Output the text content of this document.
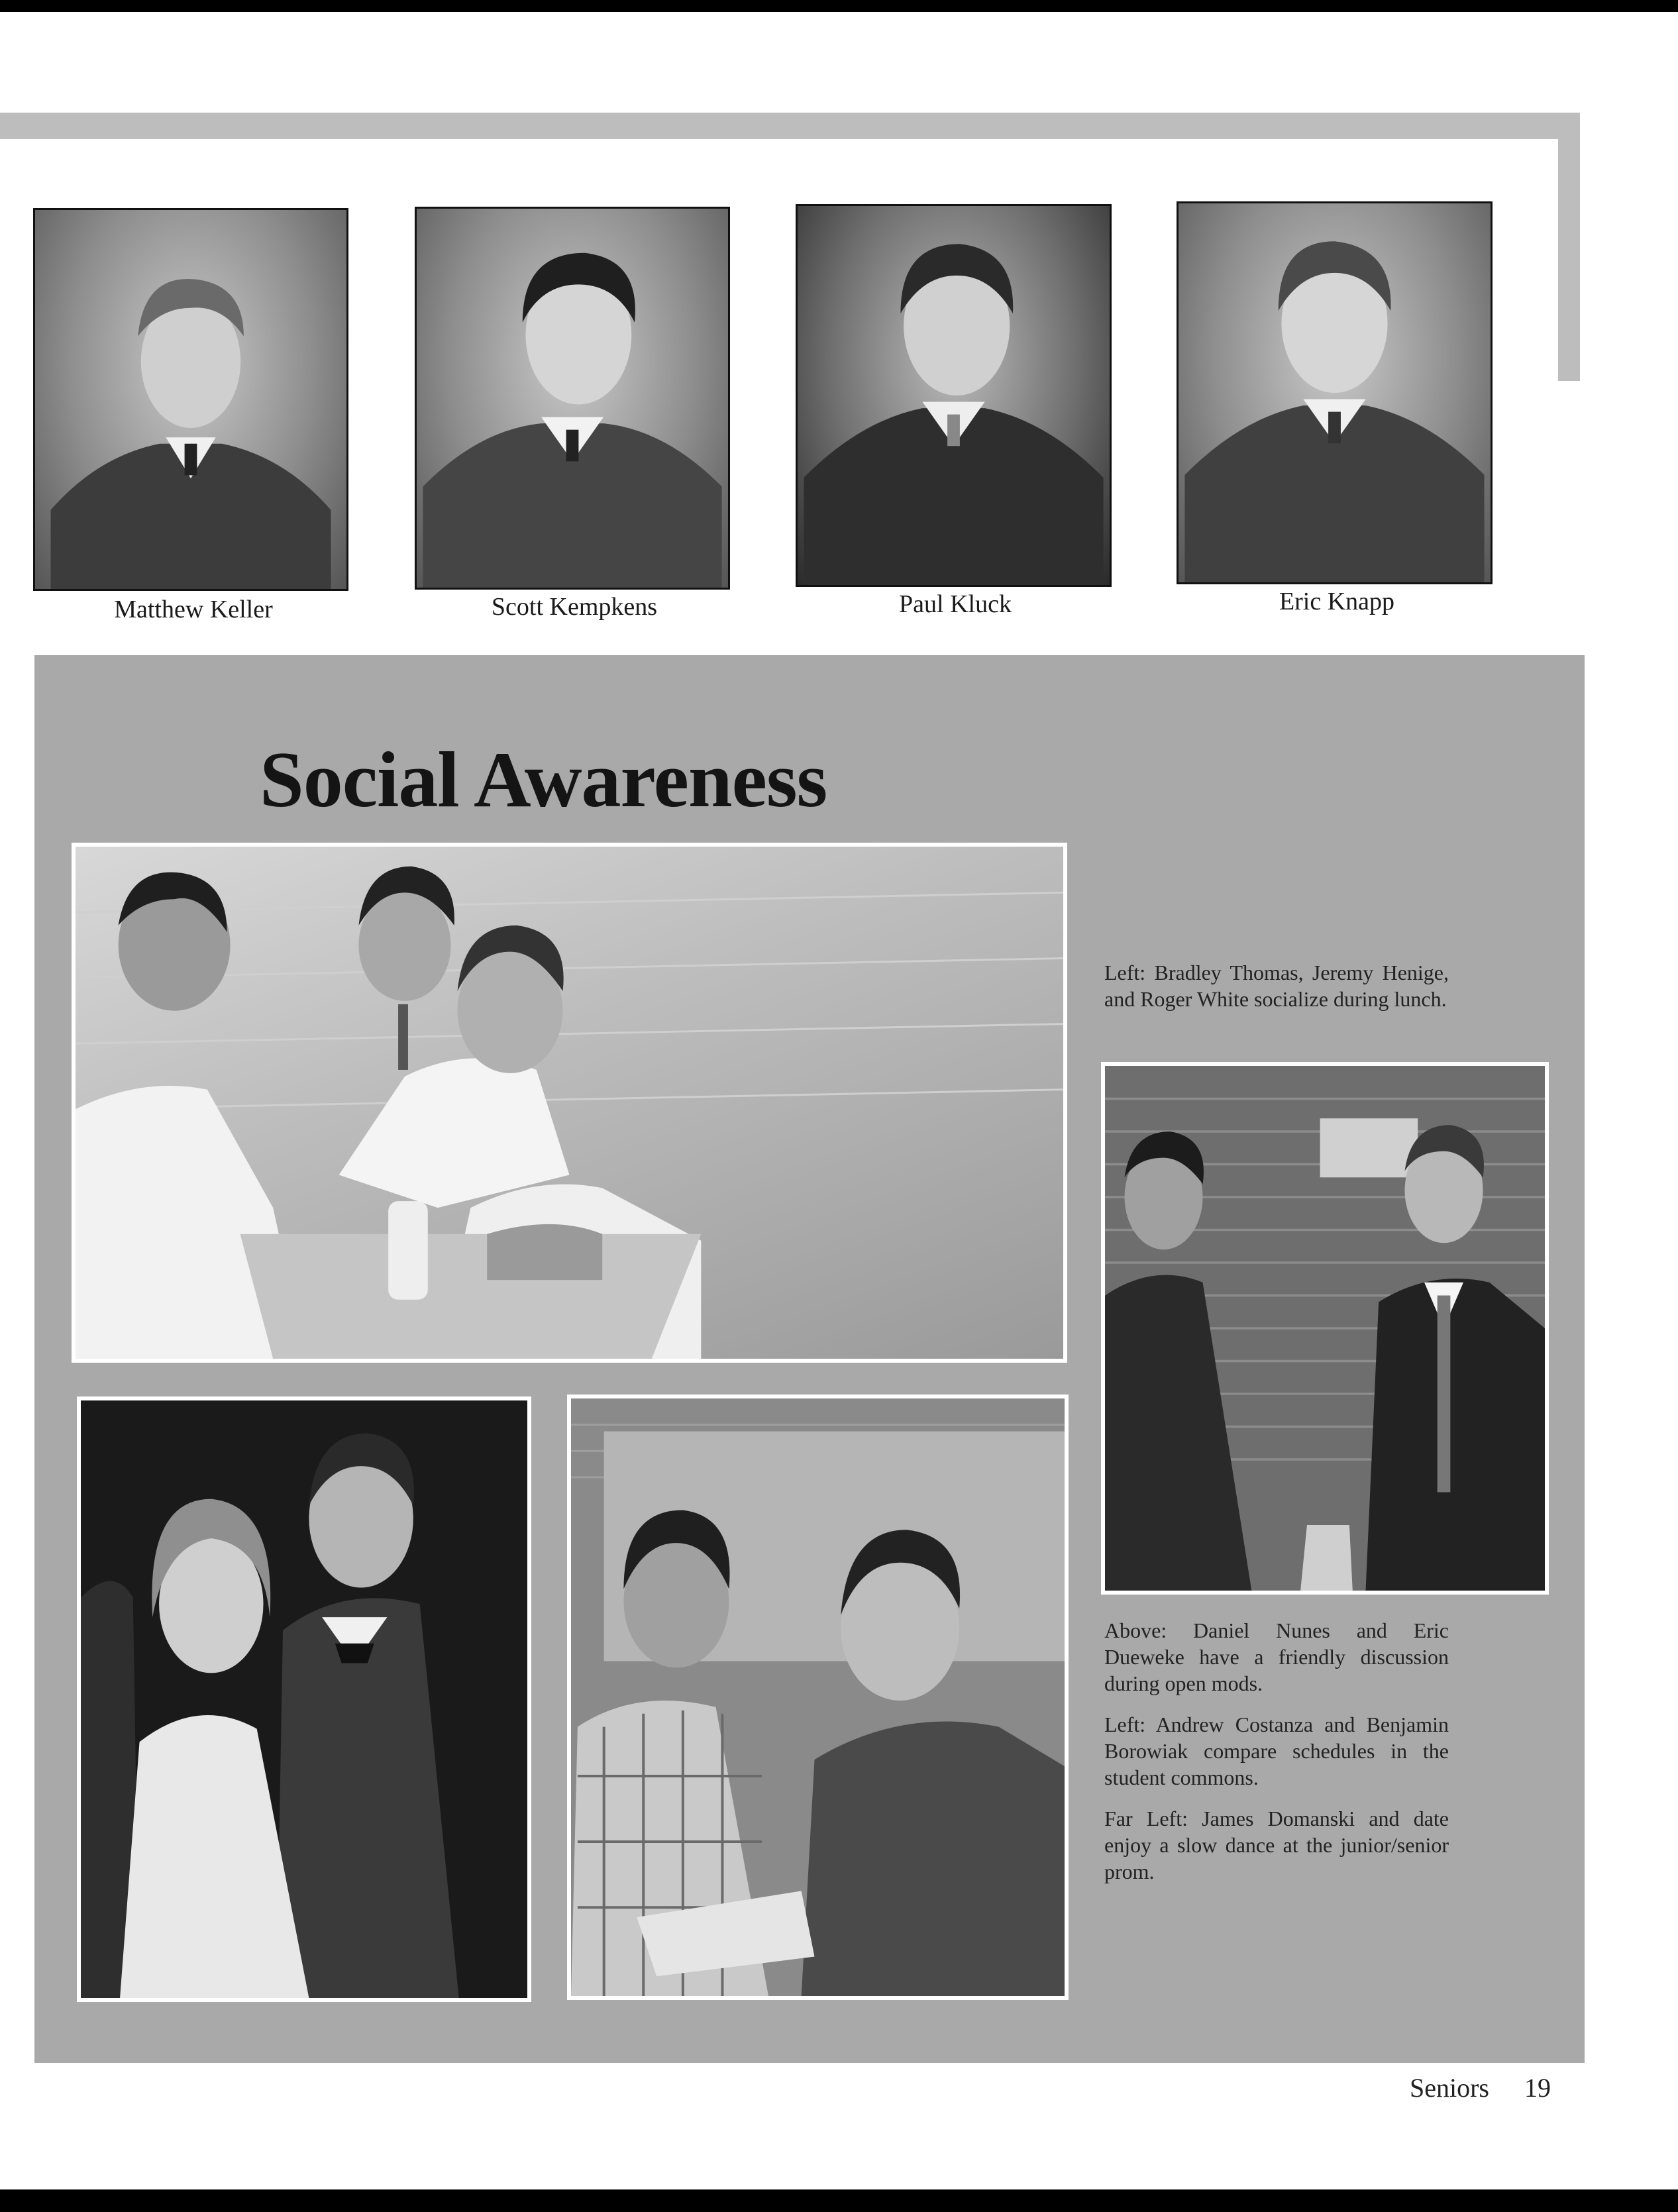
Matthew Keller	Scott Kempkens	Paul Kluck	Eric Knapp
Social Awareness

Left: Bradley Thomas, Jeremy Henige, and Roger White socialize during lunch.

Above: Daniel Nunes and Eric Dueweke have a friendly discussion during open mods.

Left: Andrew Costanza and Benjamin Borowiak compare schedules in the student commons.

Far Left: James Domanski and date enjoy a slow dance at the junior/senior prom.

Seniors 19
